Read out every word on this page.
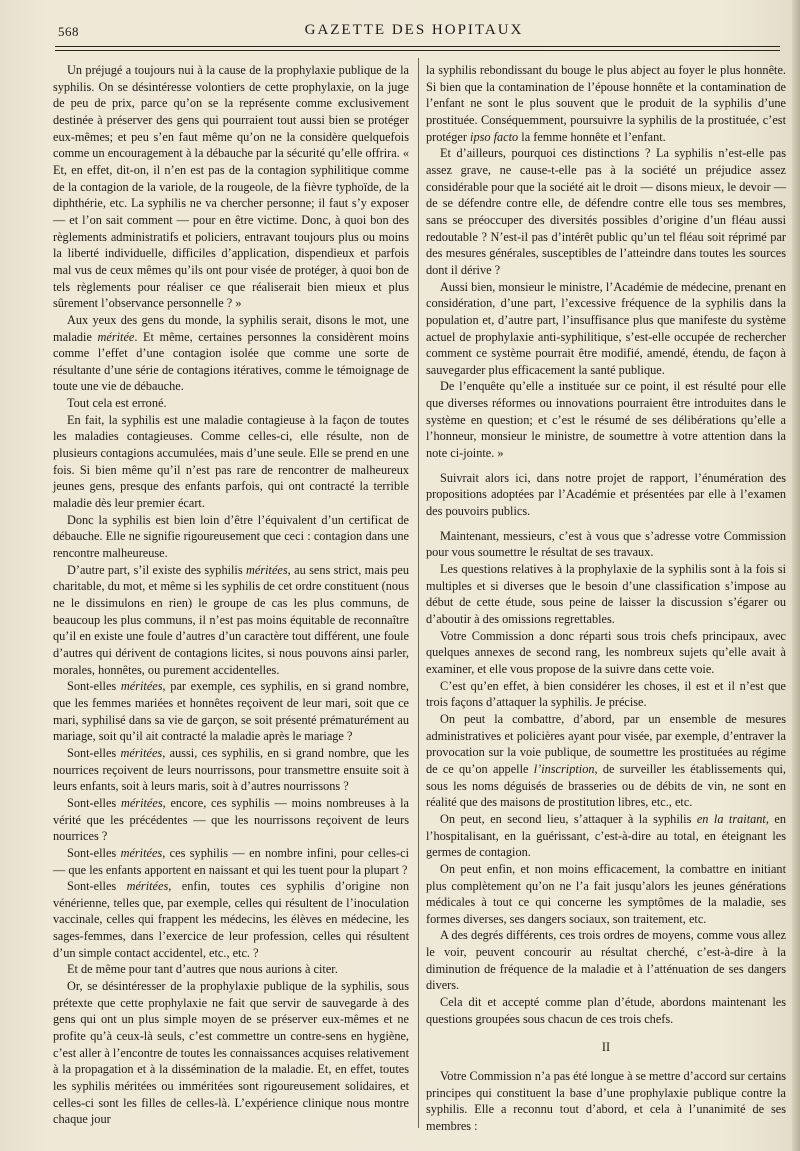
568	GAZETTE DES HOPITAUX

Un préjugé a toujours nui à la cause de la prophylaxie publique de la syphilis. On se désintéresse volontiers de cette prophylaxie, on la juge de peu de prix, parce qu’on se la représente comme exclusivement destinée à préserver des gens qui pourraient tout aussi bien se protéger eux-mêmes; et peu s’en faut même qu’on ne la considère quelquefois comme un encouragement à la débauche par la sécurité qu’elle offrira. « Et, en effet, dit-on, il n’en est pas de la contagion syphilitique comme de la contagion de la variole, de la rougeole, de la fièvre typhoïde, de la diphthérie, etc. La syphilis ne va chercher personne; il faut s’y exposer — et l’on sait comment — pour en être victime. Donc, à quoi bon des règlements administratifs et policiers, entravant toujours plus ou moins la liberté individuelle, difficiles d’application, dispendieux et parfois mal vus de ceux mêmes qu’ils ont pour visée de protéger, à quoi bon de tels règlements pour réaliser ce que réaliserait bien mieux et plus sûrement l’observance personnelle ? »

Aux yeux des gens du monde, la syphilis serait, disons le mot, une maladie méritée. Et même, certaines personnes la considèrent moins comme l’effet d’une contagion isolée que comme une sorte de résultante d’une série de contagions itératives, comme le témoignage de toute une vie de débauche.

Tout cela est erroné.

En fait, la syphilis est une maladie contagieuse à la façon de toutes les maladies contagieuses. Comme celles-ci, elle résulte, non de plusieurs contagions accumulées, mais d’une seule. Elle se prend en une fois. Si bien même qu’il n’est pas rare de rencontrer de malheureux jeunes gens, presque des enfants parfois, qui ont contracté la terrible maladie dès leur premier écart.

Donc la syphilis est bien loin d’être l’équivalent d’un certificat de débauche. Elle ne signifie rigoureusement que ceci : contagion dans une rencontre malheureuse.

D’autre part, s’il existe des syphilis méritées, au sens strict, mais peu charitable, du mot, et même si les syphilis de cet ordre constituent (nous ne le dissimulons en rien) le groupe de cas les plus communs, de beaucoup les plus communs, il n’est pas moins équitable de reconnaître qu’il en existe une foule d’autres d’un caractère tout différent, une foule d’autres qui dérivent de contagions licites, si nous pouvons ainsi parler, morales, honnêtes, ou purement accidentelles.

Sont-elles méritées, par exemple, ces syphilis, en si grand nombre, que les femmes mariées et honnêtes reçoivent de leur mari, soit que ce mari, syphilisé dans sa vie de garçon, se soit présenté prématurément au mariage, soit qu’il ait contracté la maladie après le mariage ?

Sont-elles méritées, aussi, ces syphilis, en si grand nombre, que les nourrices reçoivent de leurs nourrissons, pour transmettre ensuite soit à leurs enfants, soit à leurs maris, soit à d’autres nourrissons ?

Sont-elles méritées, encore, ces syphilis — moins nombreuses à la vérité que les précédentes — que les nourrissons reçoivent de leurs nourrices ?

Sont-elles méritées, ces syphilis — en nombre infini, pour celles-ci — que les enfants apportent en naissant et qui les tuent pour la plupart ?

Sont-elles méritées, enfin, toutes ces syphilis d’origine non vénérienne, telles que, par exemple, celles qui résultent de l’inoculation vaccinale, celles qui frappent les médecins, les élèves en médecine, les sages-femmes, dans l’exercice de leur profession, celles qui résultent d’un simple contact accidentel, etc., etc. ?

Et de même pour tant d’autres que nous aurions à citer.

Or, se désintéresser de la prophylaxie publique de la syphilis, sous prétexte que cette prophylaxie ne fait que servir de sauvegarde à des gens qui ont un plus simple moyen de se préserver eux-mêmes et ne profite qu’à ceux-là seuls, c’est commettre un contre-sens en hygiène, c’est aller à l’encontre de toutes les connaissances acquises relativement à la propagation et à la dissémination de la maladie. Et, en effet, toutes les syphilis méritées ou imméritées sont rigoureusement solidaires, et celles-ci sont les filles de celles-là. L’expérience clinique nous montre chaque jour

la syphilis rebondissant du bouge le plus abject au foyer le plus honnête. Si bien que la contamination de l’épouse honnête et la contamination de l’enfant ne sont le plus souvent que le produit de la syphilis d’une prostituée. Conséquemment, poursuivre la syphilis de la prostituée, c’est protéger ipso facto la femme honnête et l’enfant.

Et d’ailleurs, pourquoi ces distinctions ? La syphilis n’est-elle pas assez grave, ne cause-t-elle pas à la société un préjudice assez considérable pour que la société ait le droit — disons mieux, le devoir — de se défendre contre elle, de défendre contre elle tous ses membres, sans se préoccuper des diversités possibles d’origine d’un fléau aussi redoutable ? N’est-il pas d’intérêt public qu’un tel fléau soit réprimé par des mesures générales, susceptibles de l’atteindre dans toutes les sources dont il dérive ?

Aussi bien, monsieur le ministre, l’Académie de médecine, prenant en considération, d’une part, l’excessive fréquence de la syphilis dans la population et, d’autre part, l’insuffisance plus que manifeste du système actuel de prophylaxie anti-syphilitique, s’est-elle occupée de rechercher comment ce système pourrait être modifié, amendé, étendu, de façon à sauvegarder plus efficacement la santé publique.

De l’enquête qu’elle a instituée sur ce point, il est résulté pour elle que diverses réformes ou innovations pourraient être introduites dans le système en question; et c’est le résumé de ses délibérations qu’elle a l’honneur, monsieur le ministre, de soumettre à votre attention dans la note ci-jointe. »

Suivrait alors ici, dans notre projet de rapport, l’énumération des propositions adoptées par l’Académie et présentées par elle à l’examen des pouvoirs publics.

Maintenant, messieurs, c’est à vous que s’adresse votre Commission pour vous soumettre le résultat de ses travaux.

Les questions relatives à la prophylaxie de la syphilis sont à la fois si multiples et si diverses que le besoin d’une classification s’impose au début de cette étude, sous peine de laisser la discussion s’égarer ou d’aboutir à des omissions regrettables.

Votre Commission a donc réparti sous trois chefs principaux, avec quelques annexes de second rang, les nombreux sujets qu’elle avait à examiner, et elle vous propose de la suivre dans cette voie.

C’est qu’en effet, à bien considérer les choses, il est et il n’est que trois façons d’attaquer la syphilis. Je précise.

On peut la combattre, d’abord, par un ensemble de mesures administratives et policières ayant pour visée, par exemple, d’entraver la provocation sur la voie publique, de soumettre les prostituées au régime de ce qu’on appelle l’inscription, de surveiller les établissements qui, sous les noms déguisés de brasseries ou de débits de vin, ne sont en réalité que des maisons de prostitution libres, etc., etc.

On peut, en second lieu, s’attaquer à la syphilis en la traitant, en l’hospitalisant, en la guérissant, c’est-à-dire au total, en éteignant les germes de contagion.

On peut enfin, et non moins efficacement, la combattre en initiant plus complètement qu’on ne l’a fait jusqu’alors les jeunes générations médicales à tout ce qui concerne les symptômes de la maladie, ses formes diverses, ses dangers sociaux, son traitement, etc.

A des degrés différents, ces trois ordres de moyens, comme vous allez le voir, peuvent concourir au résultat cherché, c’est-à-dire à la diminution de fréquence de la maladie et à l’atténuation de ses dangers divers.

Cela dit et accepté comme plan d’étude, abordons maintenant les questions groupées sous chacun de ces trois chefs.

II

Votre Commission n’a pas été longue à se mettre d’accord sur certains principes qui constituent la base d’une prophylaxie publique contre la syphilis. Elle a reconnu tout d’abord, et cela à l’unanimité de ses membres :
